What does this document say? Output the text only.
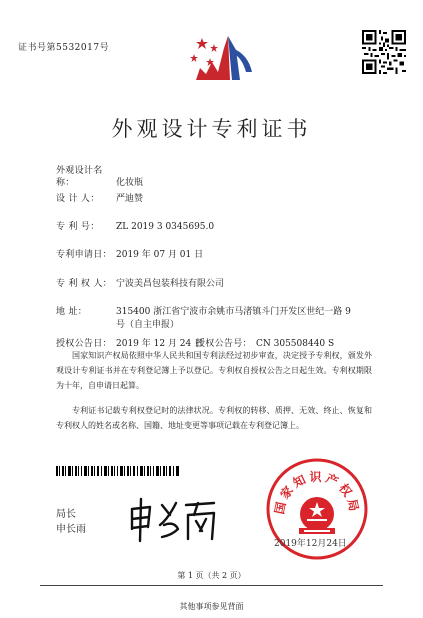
证书号第5532017号
外观设计专利证书
外观设计名称：	化妆瓶
设 计 人： 严迪赞
专 利 号： ZL 2019 3 0345695.0
专利申请日： 2019 年 07 月 01 日
专 利 权 人： 宁波美昌包装科技有限公司
地 址：	315400 浙江省宁波市余姚市马渚镇斗门开发区世纪一路 9 号（自主申报）
授权公告日： 2019 年 12 月 24 日
授权公告号： CN 305508440 S

国家知识产权局依照中华人民共和国专利法经过初步审查，决定授予专利权，颁发外观设计专利证书并在专利登记簿上予以登记。专利权自授权公告之日起生效。专利权期限为十年，自申请日起算。

专利证书记载专利权登记时的法律状况。专利权的转移、质押、无效、终止、恢复和专利权人的姓名或名称、国籍、地址变更等事项记载在专利登记簿上。

局长
申长雨
国家知识产权局
2019年12月24日
第 1 页（共 2 页）
其他事项参见背面
